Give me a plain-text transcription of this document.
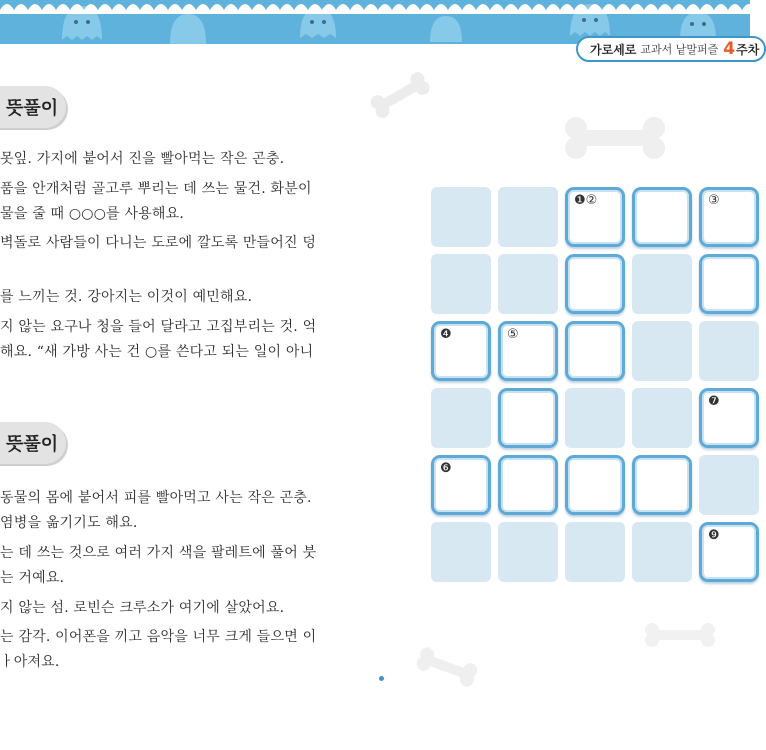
가로세로 교과서 낱말퍼즐 4 주차
뜻풀이
뜻풀이
못잎. 가지에 붙어서 진을 빨아먹는 작은 곤충.
품을 안개처럼 골고루 뿌리는 데 쓰는 물건. 화분이
물을 줄 때 ○○○를 사용해요.
벽돌로 사람들이 다니는 도로에 깔도록 만들어진 덩
를 느끼는 것. 강아지는 이것이 예민해요.
지 않는 요구나 청을 들어 달라고 고집부리는 것. 억
해요. “새 가방 사는 건 ○를 쓴다고 되는 일이 아니
동물의 몸에 붙어서 피를 빨아먹고 사는 작은 곤충.
염병을 옮기기도 해요.
는 데 쓰는 것으로 여러 가지 색을 팔레트에 풀어 붓
는 거예요.
지 않는 섬. 로빈슨 크루소가 여기에 살았어요.
는 감각. 이어폰을 끼고 음악을 너무 크게 들으면 이
ㅏ아져요.
❶②	③
❹	⑤
❼
❻
❾
